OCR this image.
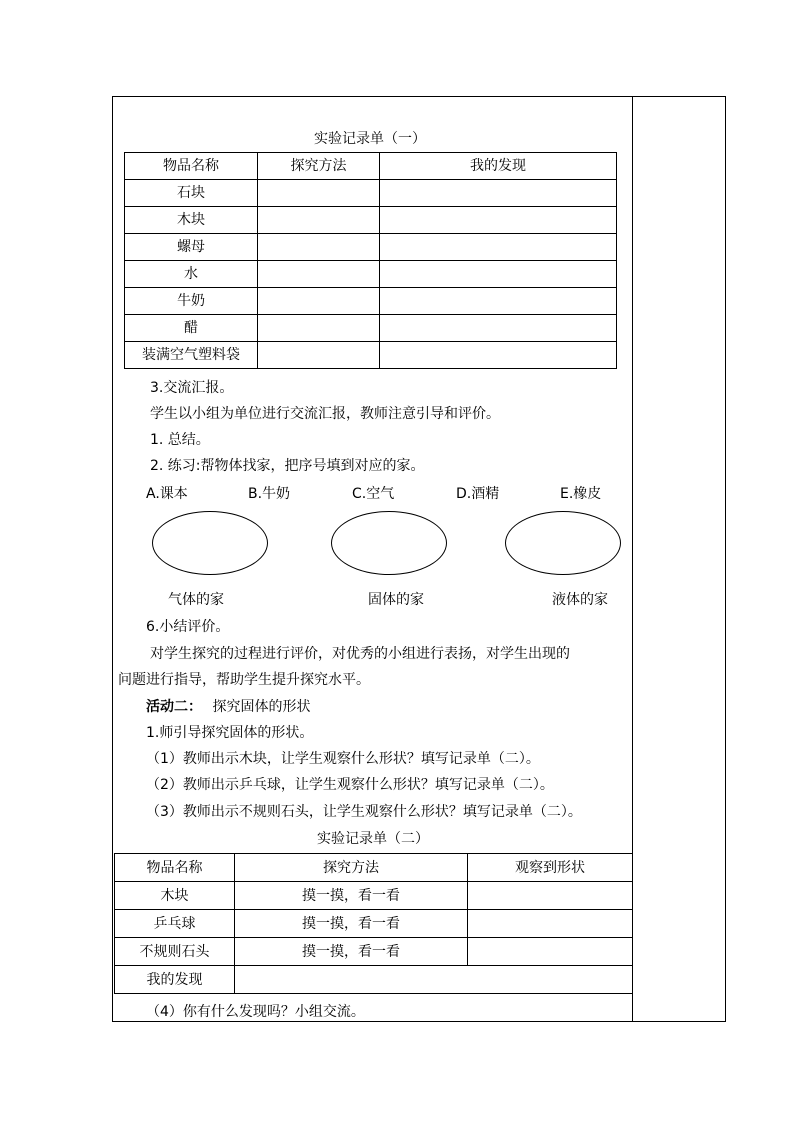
实验记录单（一）
物品名称	探究方法	我的发现
石块		
木块		
螺母		
水		
牛奶		
醋		
装满空气塑料袋		
3.交流汇报。
学生以小组为单位进行交流汇报，教师注意引导和评价。
1. 总结。
2. 练习:帮物体找家，把序号填到对应的家。
A.课本	B.牛奶	C.空气	D.酒精	E.橡皮
气体的家	固体的家	液体的家
6.小结评价。
对学生探究的过程进行评价，对优秀的小组进行表扬，对学生出现的
问题进行指导，帮助学生提升探究水平。
活动二： 探究固体的形状
1.师引导探究固体的形状。
（1）教师出示木块，让学生观察什么形状？填写记录单（二）。
（2）教师出示乒乓球，让学生观察什么形状？填写记录单（二）。
（3）教师出示不规则石头，让学生观察什么形状？填写记录单（二）。
实验记录单（二）
物品名称	探究方法	观察到形状
木块	摸一摸，看一看	
乒乓球	摸一摸，看一看	
不规则石头	摸一摸，看一看	
我的发现		
（4）你有什么发现吗？小组交流。
